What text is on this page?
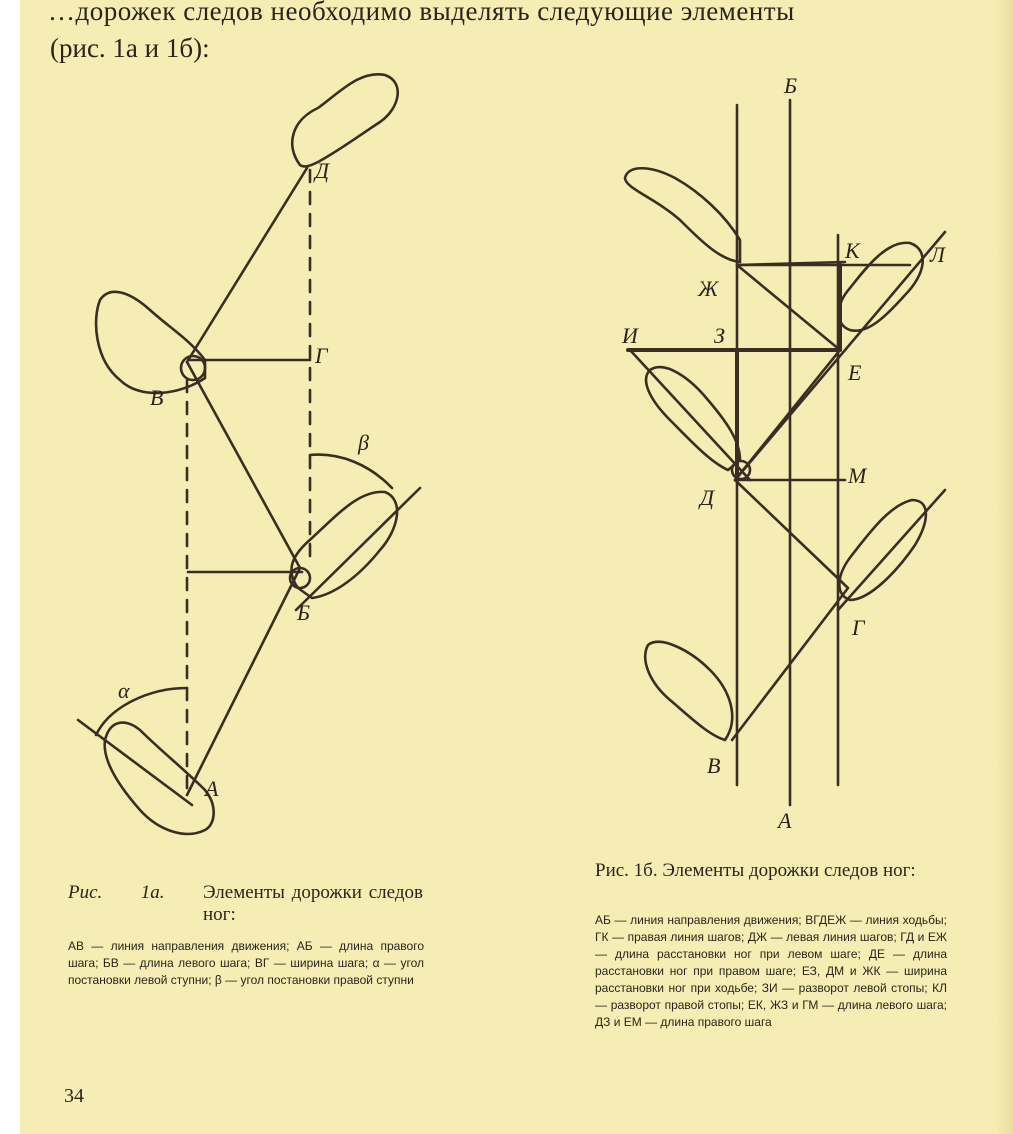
…дорожек следов необходимо выделять следующие элементы
(рис. 1а и 1б):
А
Б
В
Г
Д
β
α
А
Б
В
Г
Д
Е
Ж
З
И
К	Л
М
Рис. 1а. Элементы дорожки следов ног:
АВ — линия направления движения; АБ — длина правого шага; БВ — длина левого шага; ВГ — ширина шага; α — угол постановки левой ступни; β — угол постановки правой ступни
Рис. 1б. Элементы дорожки следов ног:
АБ — линия направления движения; ВГДЕЖ — линия ходьбы; ГК — правая линия шагов; ДЖ — левая линия шагов; ГД и ЕЖ — длина расстановки ног при левом шаге; ДЕ — длина расстановки ног при правом шаге; ЕЗ, ДМ и ЖК — ширина расстановки ног при ходьбе; ЗИ — разворот левой стопы; КЛ — разворот правой стопы; ЕК, ЖЗ и ГМ — длина левого шага; ДЗ и ЕМ — длина правого шага
34
